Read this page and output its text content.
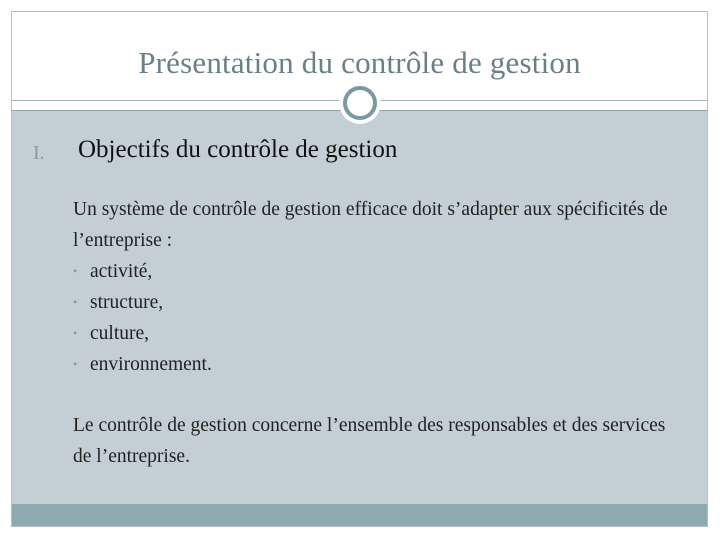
Présentation du contrôle de gestion
I. Objectifs du contrôle de gestion
Un système de contrôle de gestion efficace doit s’adapter aux spécificités de l’entreprise :
• activité,
• structure,
• culture,
• environnement.
Le contrôle de gestion concerne l’ensemble des responsables et des services de l’entreprise.
